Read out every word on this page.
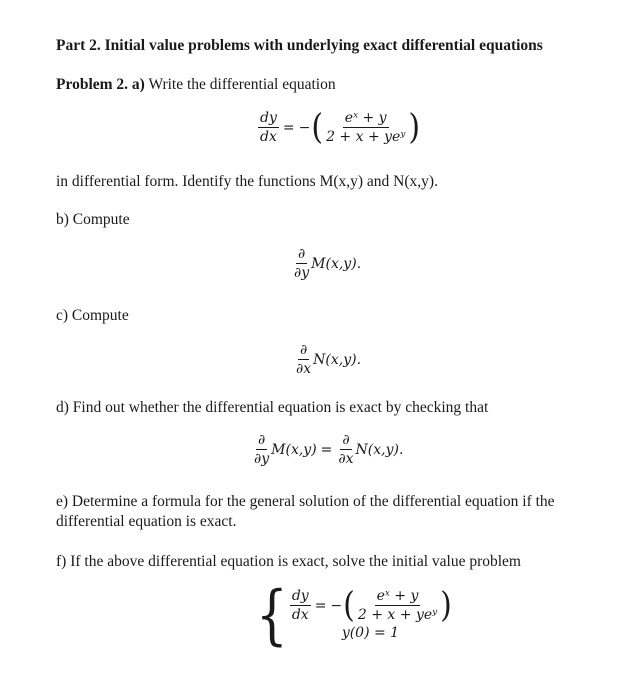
Part 2. Initial value problems with underlying exact differential equations
Problem 2. a) Write the differential equation
$\frac{dy}{dx}$ = − ( $\frac{\text{eˣ + y}}{\text{2 + x + yeʸ}}$ )
in differential form. Identify the functions M(x,y) and N(x,y).
b) Compute
$\frac{\partial}{\partial y} M(x,y)$.
c) Compute
$\frac{\partial}{\partial x} N(x,y)$.
d) Find out whether the differential equation is exact by checking that
$\frac{\partial}{\partial y} M(x,y) = \frac{\partial}{\partial x} N(x,y)$.
e) Determine a formula for the general solution of the differential equation if the
differential equation is exact.
f) If the above differential equation is exact, solve the initial value problem
{ $\frac{dy}{dx}$ = − ( $\frac{\text{eˣ + y}}{\text{2 + x + yeʸ}}$ )
y(0) = 1
